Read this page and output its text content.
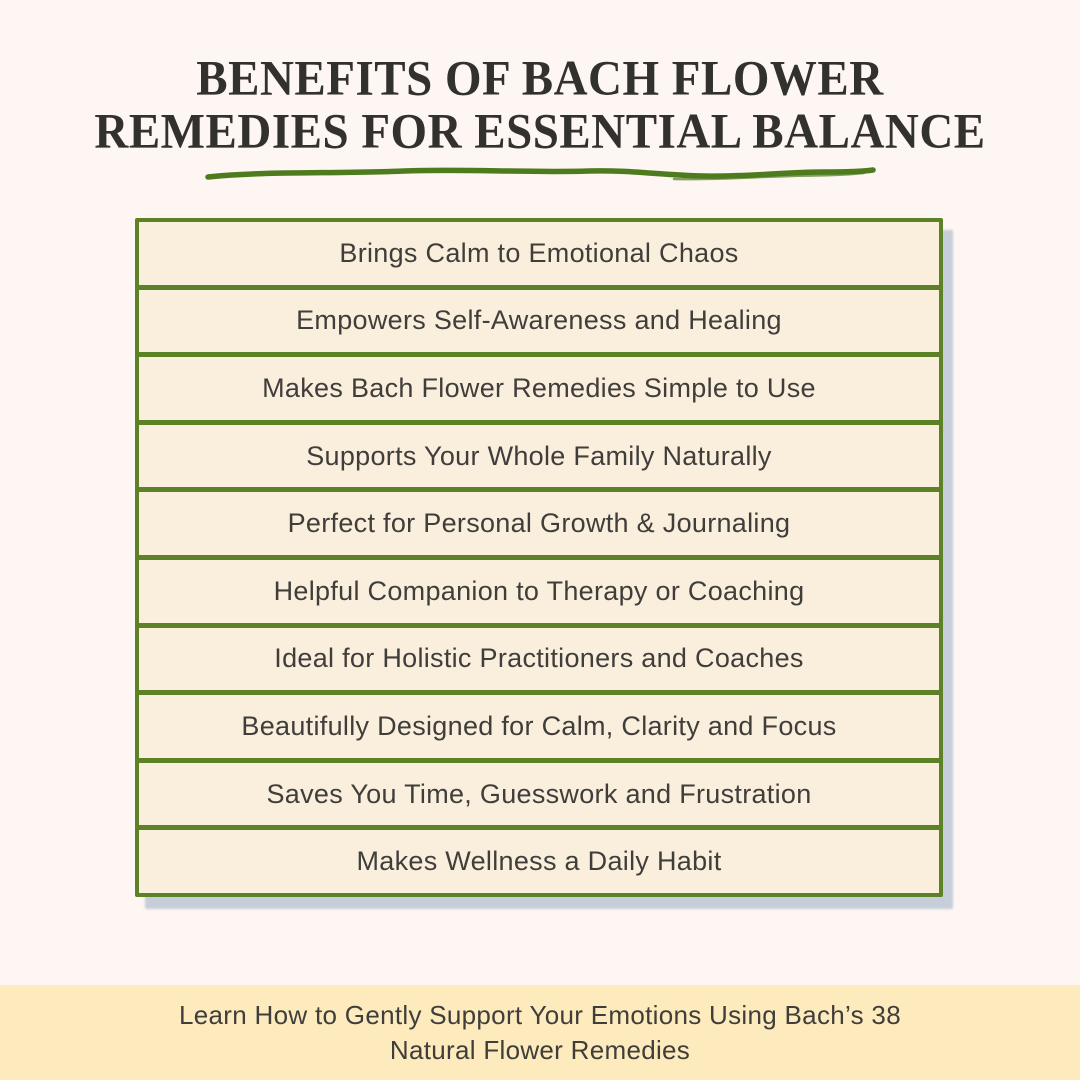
BENEFITS OF BACH FLOWER
REMEDIES FOR ESSENTIAL BALANCE
Brings Calm to Emotional Chaos
Empowers Self-Awareness and Healing
Makes Bach Flower Remedies Simple to Use
Supports Your Whole Family Naturally
Perfect for Personal Growth & Journaling
Helpful Companion to Therapy or Coaching
Ideal for Holistic Practitioners and Coaches
Beautifully Designed for Calm, Clarity and Focus
Saves You Time, Guesswork and Frustration
Makes Wellness a Daily Habit
Learn How to Gently Support Your Emotions Using Bach’s 38
Natural Flower Remedies
